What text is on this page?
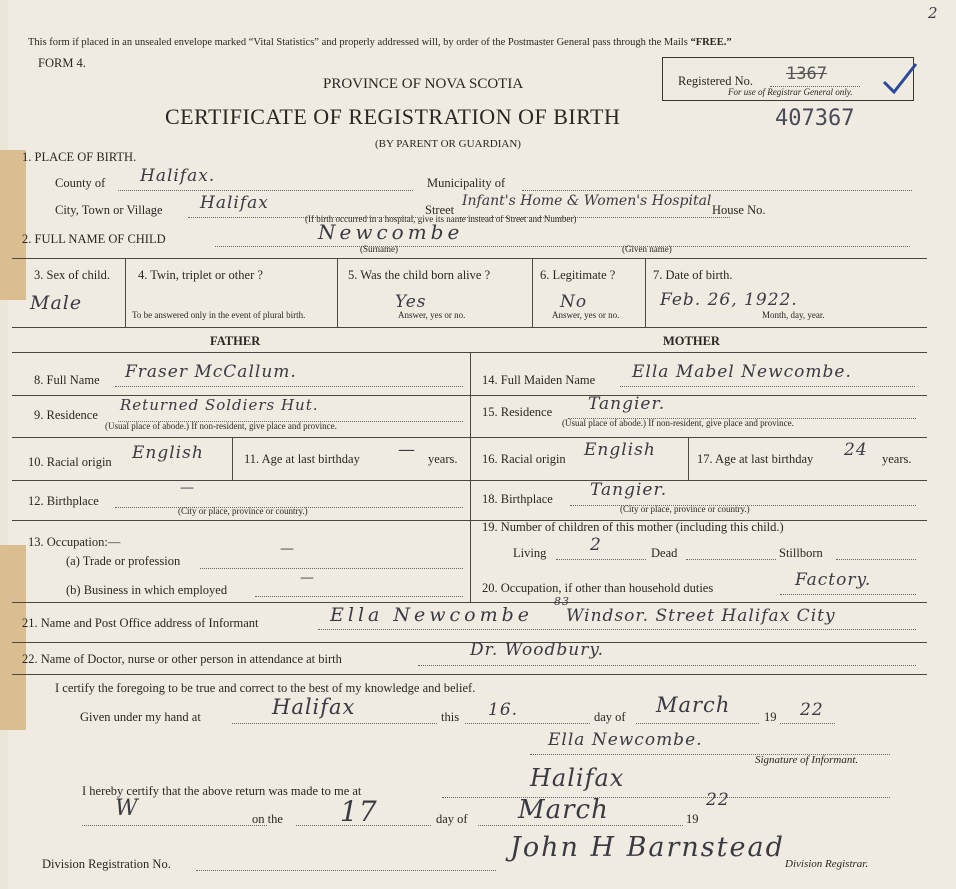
This form if placed in an unsealed envelope marked “Vital Statistics” and properly addressed will, by order of the Postmaster General pass through the Mails “FREE.”
FORM 4.
PROVINCE OF NOVA SCOTIA
CERTIFICATE OF REGISTRATION OF BIRTH	407367
(BY PARENT OR GUARDIAN)
Registered No. 1367
For use of Registrar General only.
2
1. PLACE OF BIRTH.
County of Halifax.	Municipality of
City, Town or Village Halifax	Street
Infant's Home & Women's Hospital
House No.
(If birth occurred in a hospital, give its name instead of Street and Number)
2. FULL NAME OF CHILD	Newcombe
(Surname)	(Given name)
3. Sex of child.
Male
4. Twin, triplet or other ?
To be answered only in the event of plural birth.
5. Was the child born alive ?
Yes
Answer, yes or no.
6. Legitimate ?
No
Answer, yes or no.
7. Date of birth.
Feb. 26, 1922.
Month, day, year.
FATHER	MOTHER
8. Full Name Fraser McCallum.
9. Residence
Returned Soldiers Hut.
(Usual place of abode.) If non-resident, give place and province.
10. Racial origin English	11. Age at last birthday — years.
12. Birthplace
—
(City or place, province or country.)
13. Occupation:—
(a) Trade or profession
—
(b) Business in which employed
—
14. Full Maiden Name Ella Mabel Newcombe.
15. Residence Tangier.
(Usual place of abode.) If non-resident, give place and province.
16. Racial origin English	17. Age at last birthday 24 years.
18. Birthplace Tangier.
(City or place, province or country.)
19. Number of children of this mother (including this child.)
Living	2	Dead	Stillborn
20. Occupation, if other than household duties	Factory.
21. Name and Post Office address of Informant	Ella Newcombe
83
Windsor. Street Halifax City
22. Name of Doctor, nurse or other person in attendance at birth	Dr. Woodbury.
I certify the foregoing to be true and correct to the best of my knowledge and belief.
Given under my hand at	Halifax	this 16.	day of March	19 22
Ella Newcombe.
Signature of Informant.
I hereby certify that the above return was made to me at	Halifax
W	on the 17	day of March	19
22
Division Registration No.
John H Barnstead
Division Registrar.
